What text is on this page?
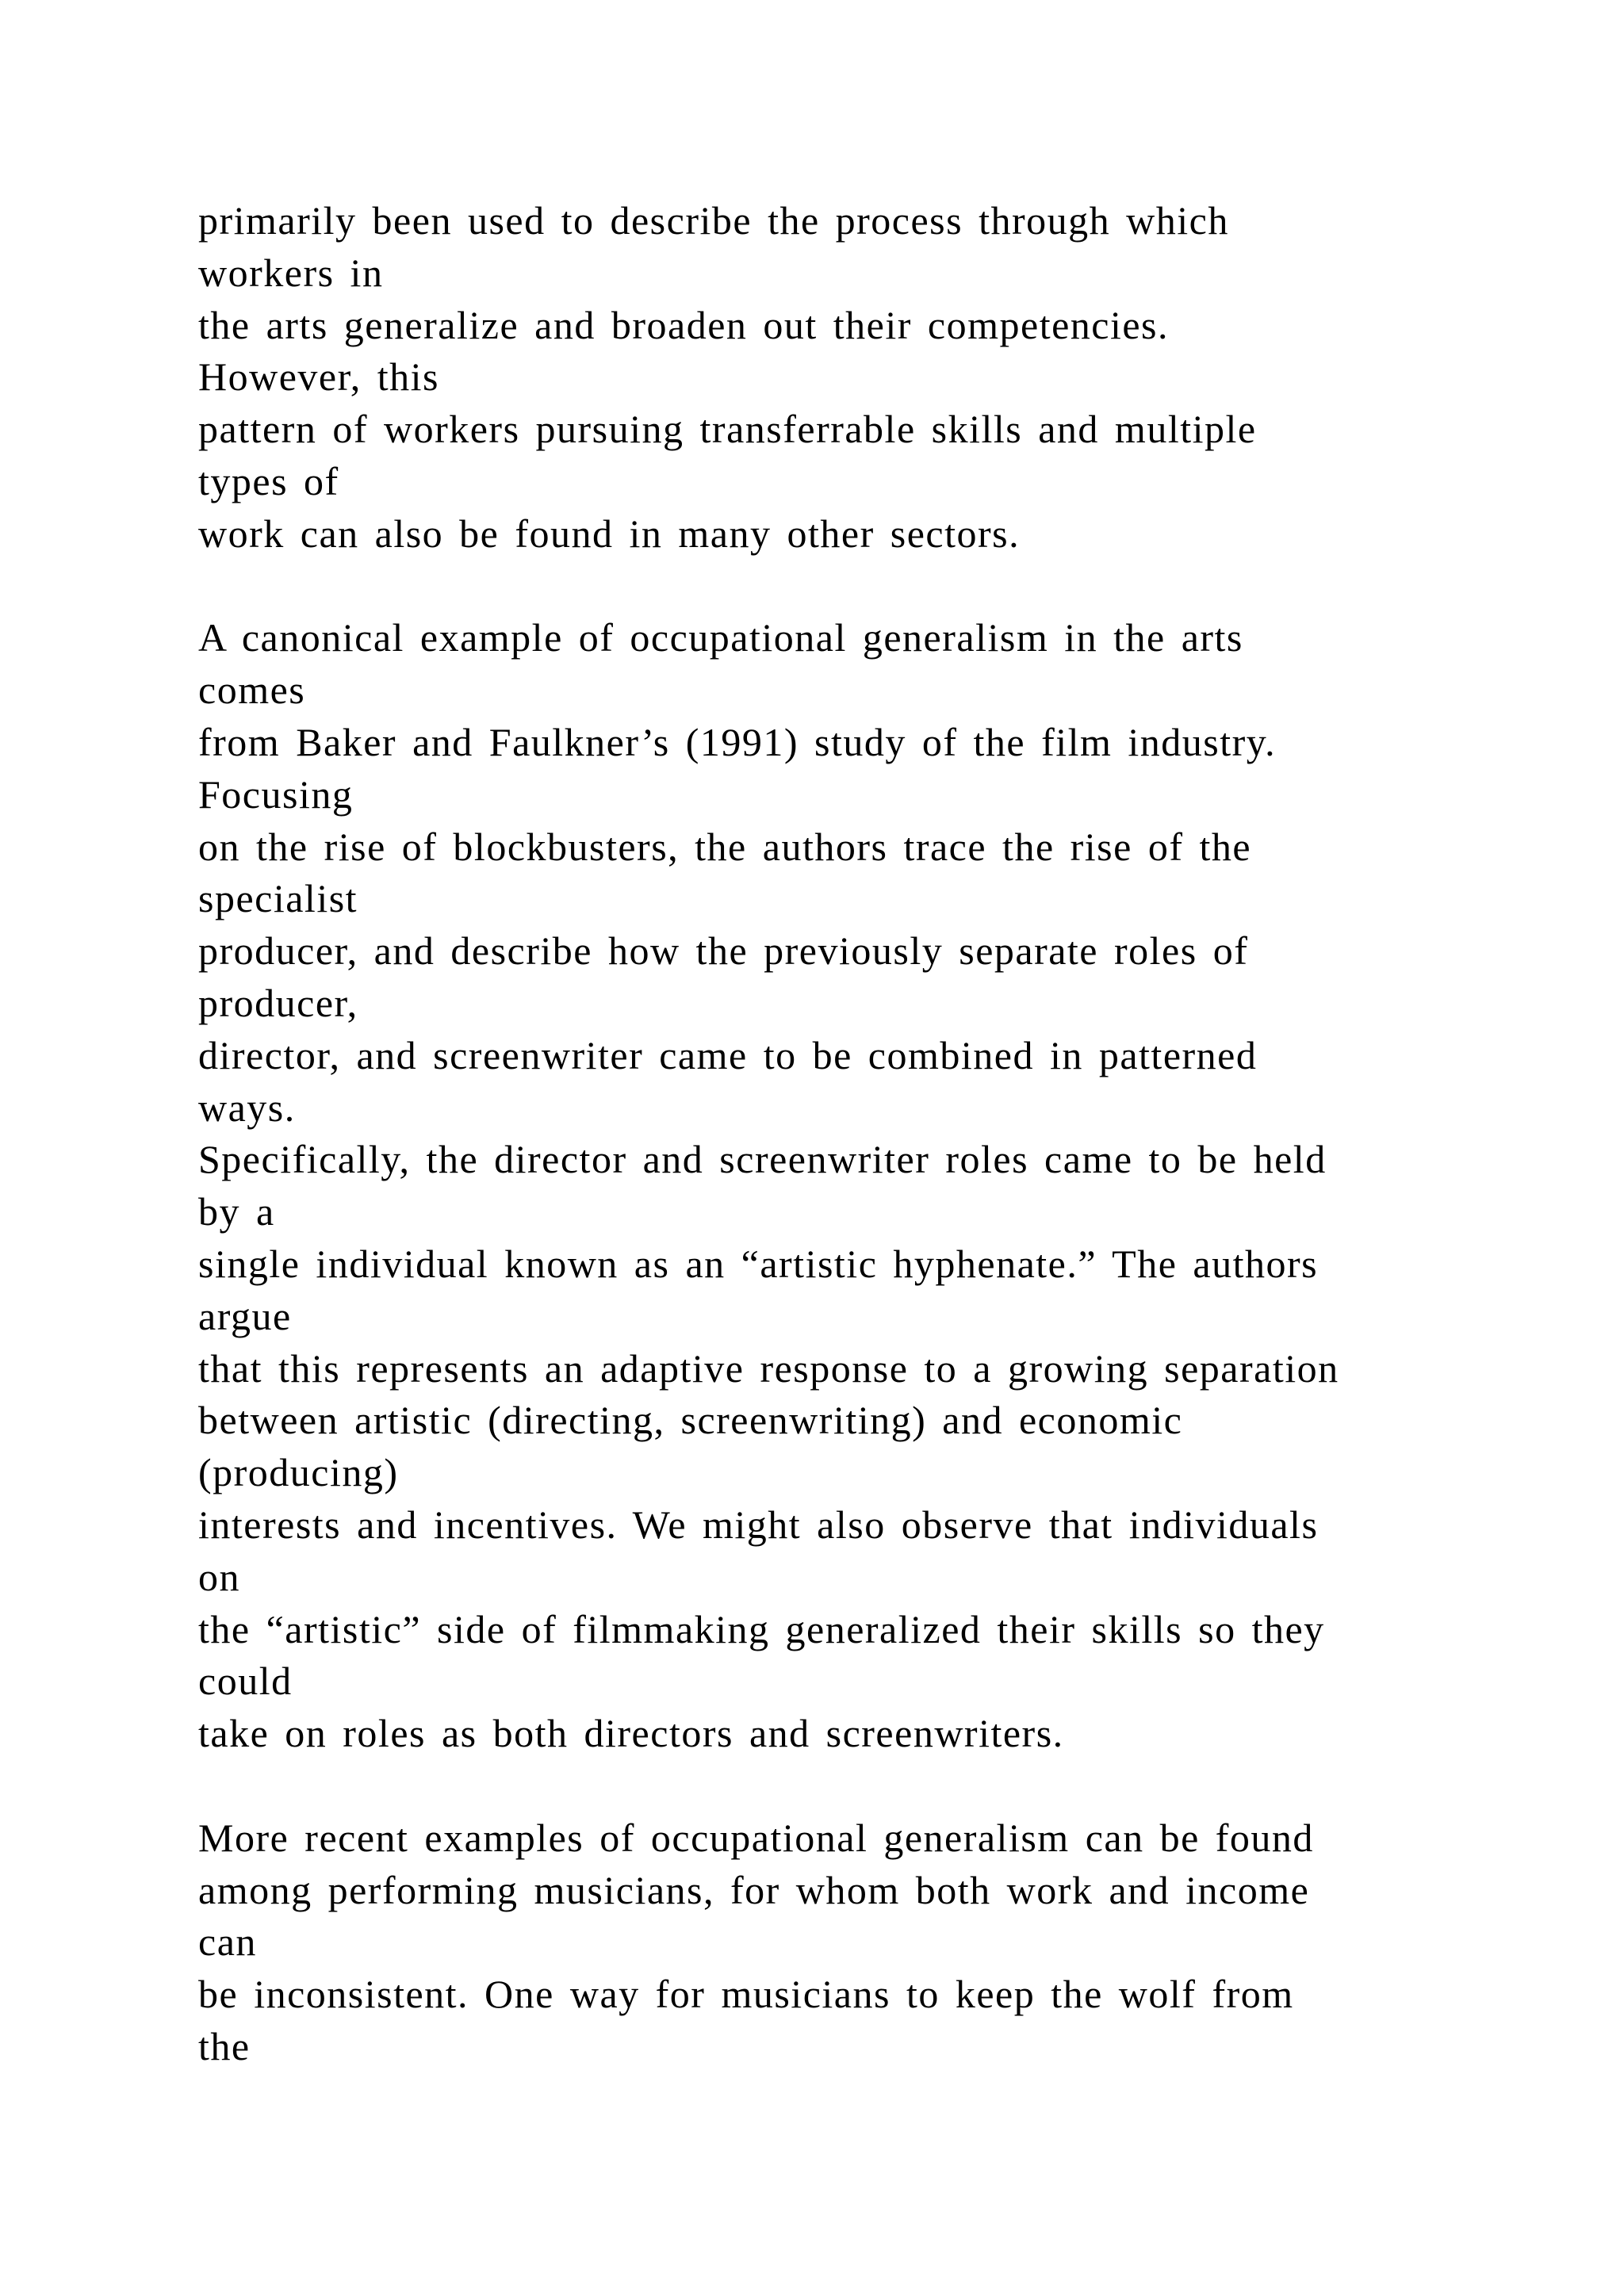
primarily been used to describe the process through which
workers in
the arts generalize and broaden out their competencies.
However, this
pattern of workers pursuing transferrable skills and multiple
types of
work can also be found in many other sectors.
A canonical example of occupational generalism in the arts
comes
from Baker and Faulkner’s (1991) study of the film industry.
Focusing
on the rise of blockbusters, the authors trace the rise of the
specialist
producer, and describe how the previously separate roles of
producer,
director, and screenwriter came to be combined in patterned
ways.
Specifically, the director and screenwriter roles came to be held
by a
single individual known as an “artistic hyphenate.” The authors
argue
that this represents an adaptive response to a growing separation
between artistic (directing, screenwriting) and economic
(producing)
interests and incentives. We might also observe that individuals
on
the “artistic” side of filmmaking generalized their skills so they
could
take on roles as both directors and screenwriters.
More recent examples of occupational generalism can be found
among performing musicians, for whom both work and income
can
be inconsistent. One way for musicians to keep the wolf from
the
